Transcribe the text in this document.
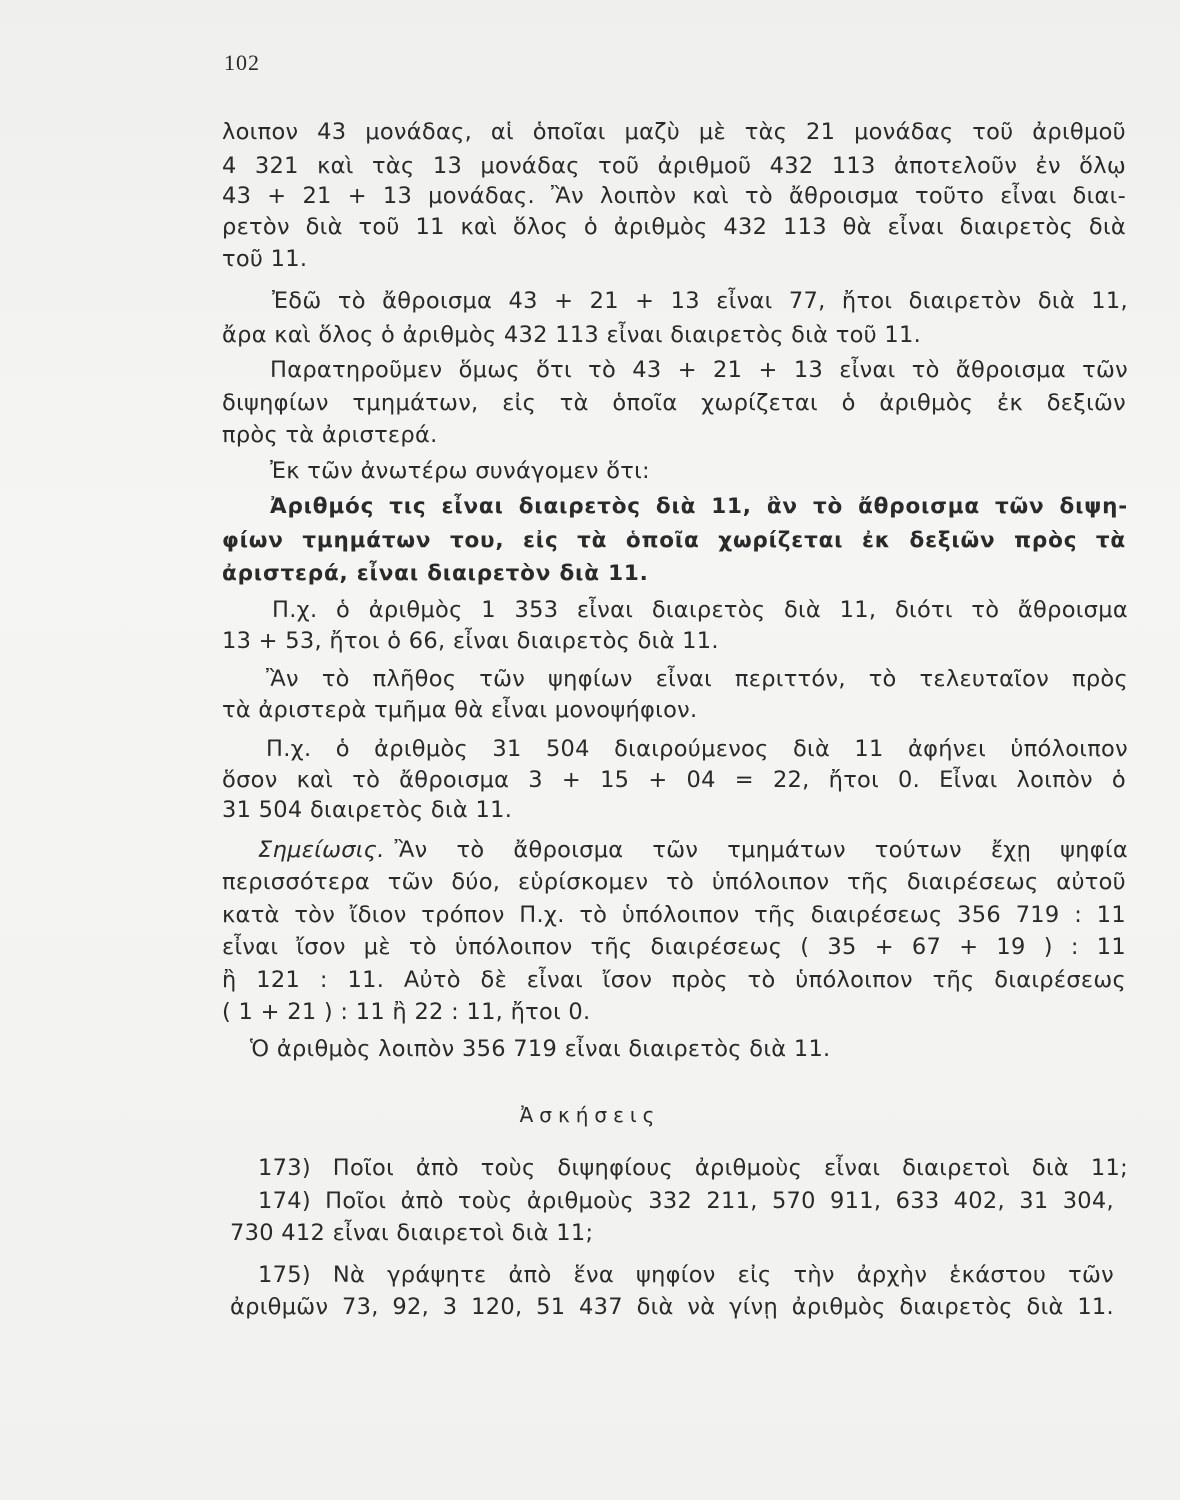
102
λοιπον 43 μονάδας, αἱ ὁποῖαι μαζὺ μὲ τὰς 21 μονάδας τοῦ ἀριθμοῦ
4 321 καὶ τὰς 13 μονάδας τοῦ ἀριθμοῦ 432 113 ἀποτελοῦν ἐν ὅλῳ
43 + 21 + 13 μονάδας. Ἂν λοιπὸν καὶ τὸ ἄθροισμα τοῦτο εἶναι διαι-
ρετὸν διὰ τοῦ 11 καὶ ὅλος ὁ ἀριθμὸς 432 113 θὰ εἶναι διαιρετὸς διὰ
τοῦ 11.
Ἐδῶ τὸ ἄθροισμα 43 + 21 + 13 εἶναι 77, ἤτοι διαιρετὸν διὰ 11,
ἄρα καὶ ὅλος ὁ ἀριθμὸς 432 113 εἶναι διαιρετὸς διὰ τοῦ 11.
Παρατηροῦμεν ὅμως ὅτι τὸ 43 + 21 + 13 εἶναι τὸ ἄθροισμα τῶν
διψηφίων τμημάτων, εἰς τὰ ὁποῖα χωρίζεται ὁ ἀριθμὸς ἐκ δεξιῶν
πρὸς τὰ ἀριστερά.
Ἐκ τῶν ἀνωτέρω συνάγομεν ὅτι:
Ἀριθμός τις εἶναι διαιρετὸς διὰ 11, ἂν τὸ ἄθροισμα τῶν διψη-
φίων τμημάτων του, εἰς τὰ ὁποῖα χωρίζεται ἐκ δεξιῶν πρὸς τὰ
ἀριστερά, εἶναι διαιρετὸν διὰ 11.
Π.χ. ὁ ἀριθμὸς 1 353 εἶναι διαιρετὸς διὰ 11, διότι τὸ ἄθροισμα
13 + 53, ἤτοι ὁ 66, εἶναι διαιρετὸς διὰ 11.
Ἂν τὸ πλῆθος τῶν ψηφίων εἶναι περιττόν, τὸ τελευταῖον πρὸς
τὰ ἀριστερὰ τμῆμα θὰ εἶναι μονοψήφιον.
Π.χ. ὁ ἀριθμὸς 31 504 διαιρούμενος διὰ 11 ἀφήνει ὑπόλοιπον
ὅσον καὶ τὸ ἄθροισμα 3 + 15 + 04 = 22, ἤτοι 0. Εἶναι λοιπὸν ὁ
31 504 διαιρετὸς διὰ 11.
Σημείωσις. Ἂν τὸ ἄθροισμα τῶν τμημάτων τούτων ἔχῃ ψηφία
περισσότερα τῶν δύο, εὑρίσκομεν τὸ ὑπόλοιπον τῆς διαιρέσεως αὐτοῦ
κατὰ τὸν ἴδιον τρόπον Π.χ. τὸ ὑπόλοιπον τῆς διαιρέσεως 356 719 : 11
εἶναι ἴσον μὲ τὸ ὑπόλοιπον τῆς διαιρέσεως ( 35 + 67 + 19 ) : 11
ἢ 121 : 11. Αὐτὸ δὲ εἶναι ἴσον πρὸς τὸ ὑπόλοιπον τῆς διαιρέσεως
( 1 + 21 ) : 11 ἢ 22 : 11, ἤτοι 0.
Ὁ ἀριθμὸς λοιπὸν 356 719 εἶναι διαιρετὸς διὰ 11.
Ἀσκήσεις
173) Ποῖοι ἀπὸ τοὺς διψηφίους ἀριθμοὺς εἶναι διαιρετοὶ διὰ 11;
174) Ποῖοι ἀπὸ τοὺς ἀριθμοὺς 332 211, 570 911, 633 402, 31 304,
730 412 εἶναι διαιρετοὶ διὰ 11;
175) Νὰ γράψητε ἀπὸ ἕνα ψηφίον εἰς τὴν ἀρχὴν ἑκάστου τῶν
ἀριθμῶν 73, 92, 3 120, 51 437 διὰ νὰ γίνῃ ἀριθμὸς διαιρετὸς διὰ 11.
